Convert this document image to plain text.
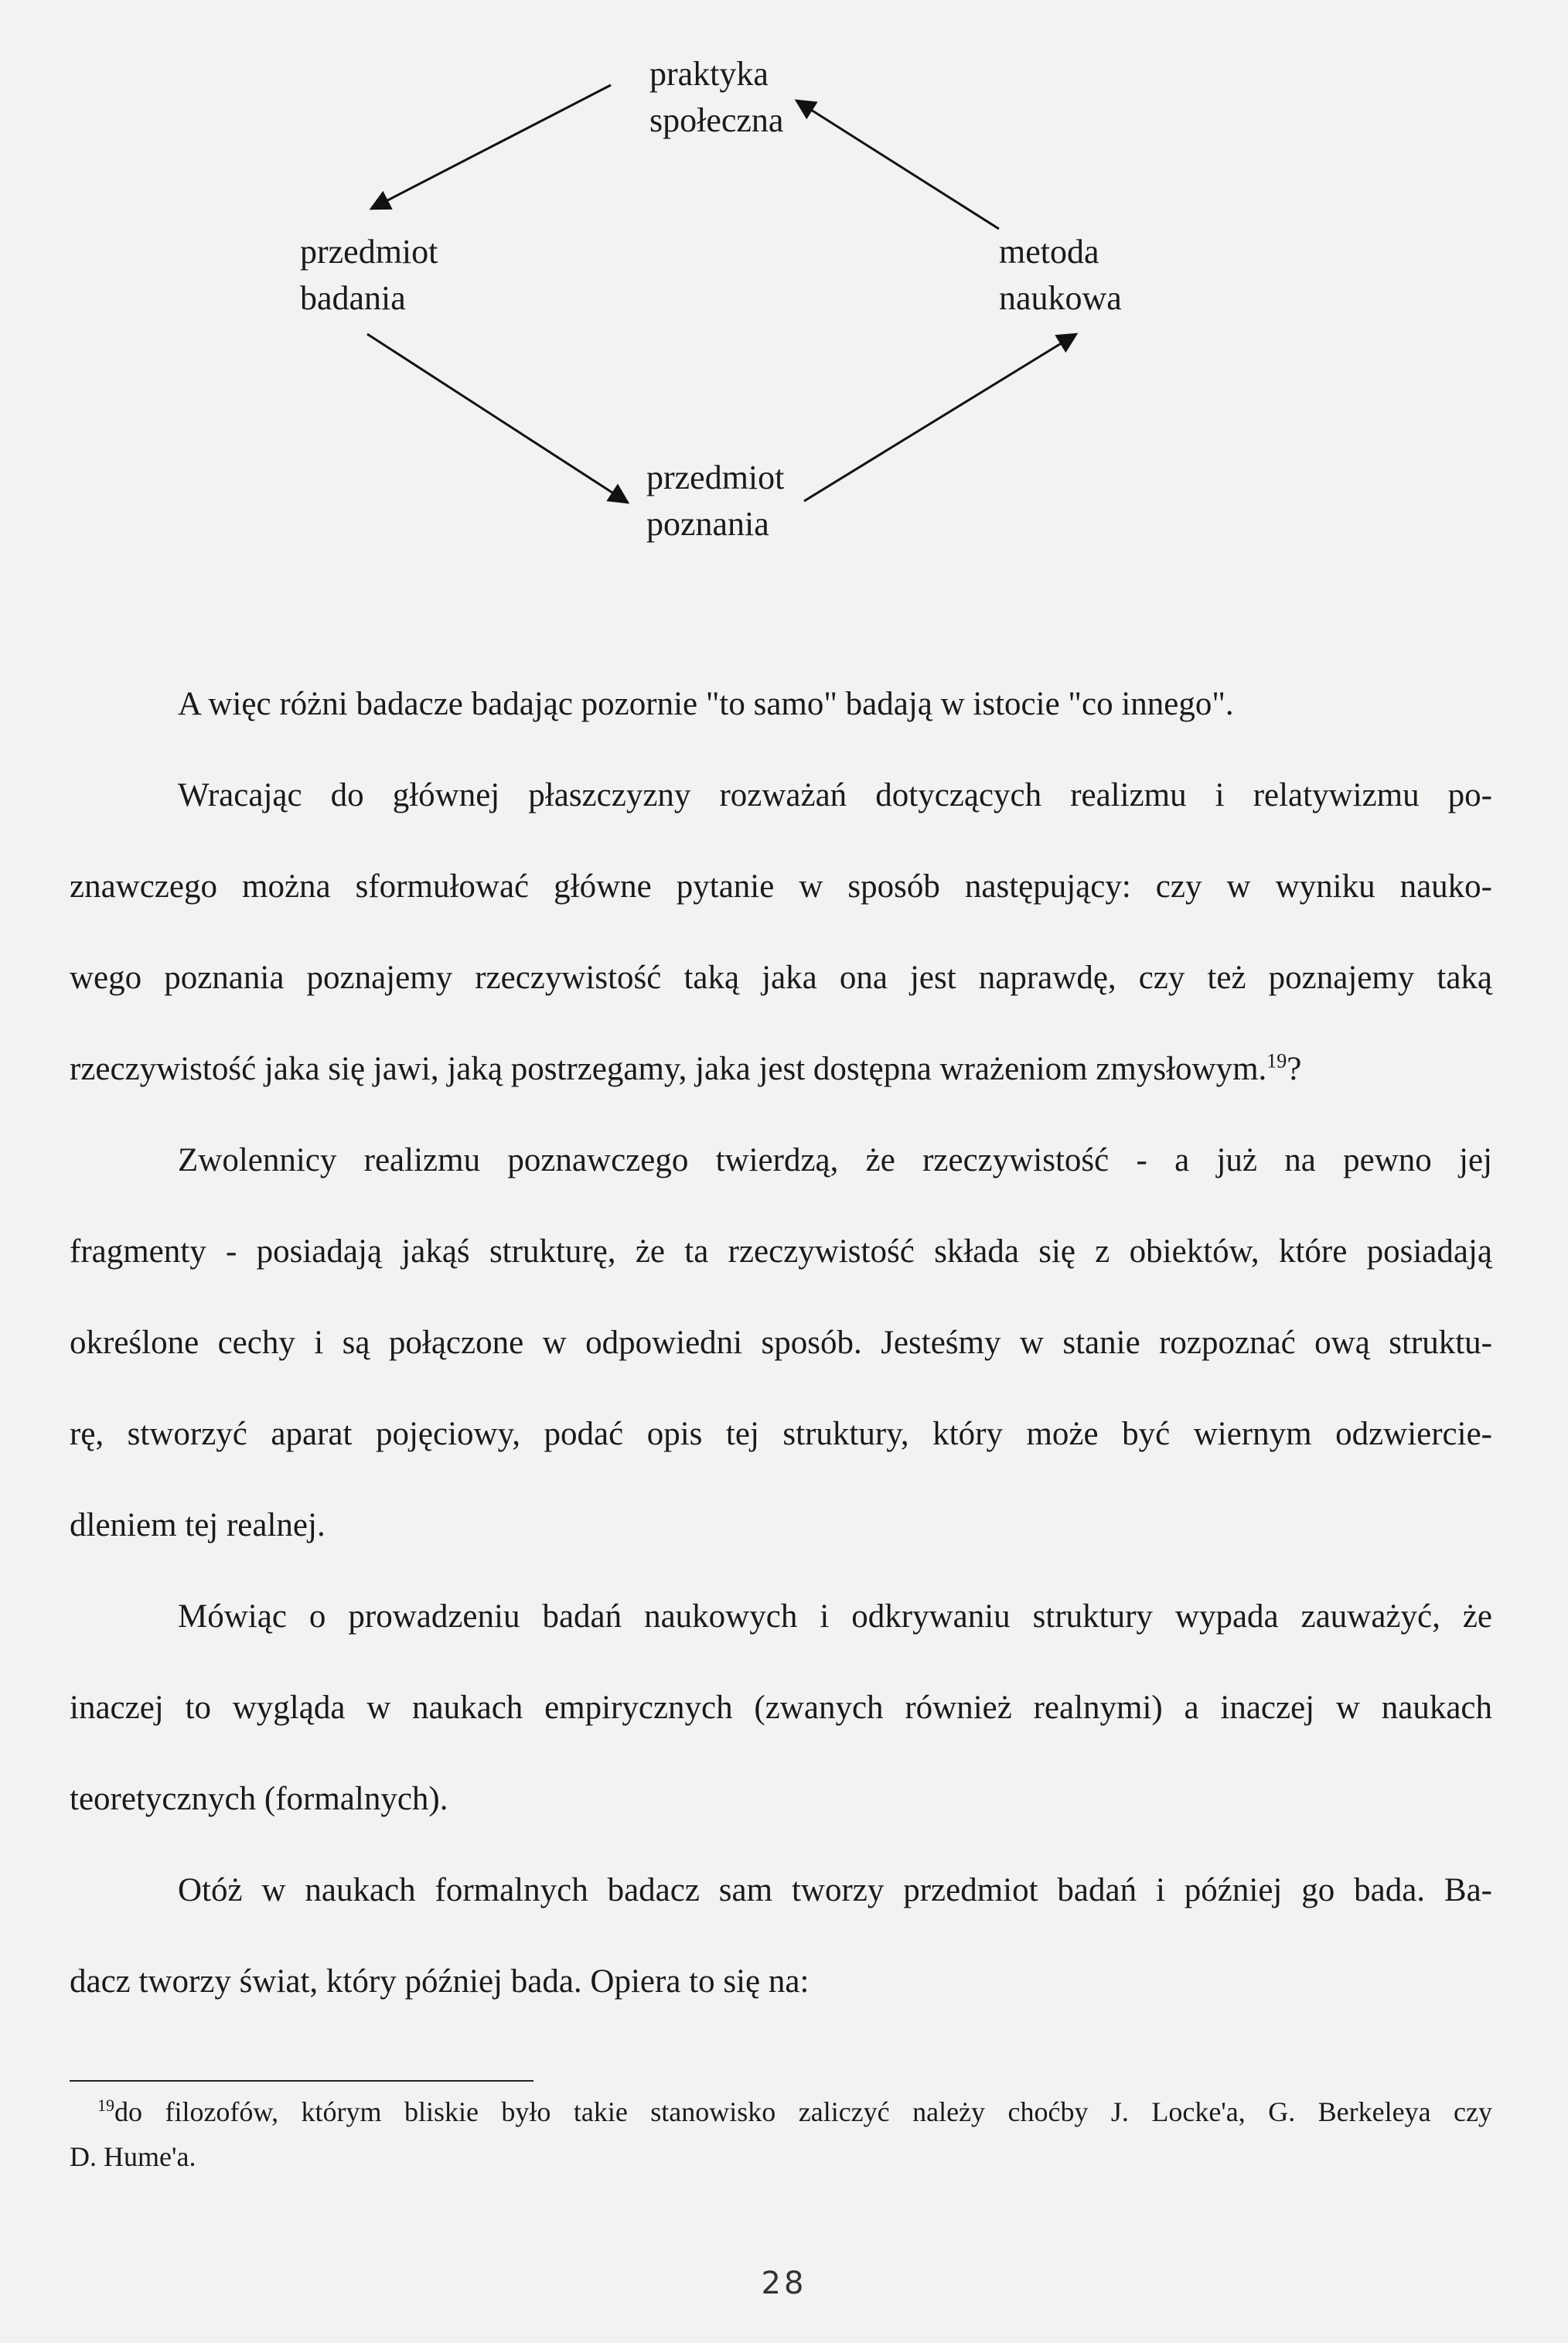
praktyka
społeczna
przedmiot
badania
metoda
naukowa
przedmiot
poznania
A więc różni badacze badając pozornie "to samo" badają w istocie "co innego".
Wracając do głównej płaszczyzny rozważań dotyczących realizmu i relatywizmu po-
znawczego można sformułować główne pytanie w sposób następujący: czy w wyniku nauko-
wego poznania poznajemy rzeczywistość taką jaka ona jest naprawdę, czy też poznajemy taką
rzeczywistość jaka się jawi, jaką postrzegamy, jaka jest dostępna wrażeniom zmysłowym.$^{19}$?
Zwolennicy realizmu poznawczego twierdzą, że rzeczywistość - a już na pewno jej
fragmenty - posiadają jakąś strukturę, że ta rzeczywistość składa się z obiektów, które posiadają
określone cechy i są połączone w odpowiedni sposób. Jesteśmy w stanie rozpoznać ową struktu-
rę, stworzyć aparat pojęciowy, podać opis tej struktury, który może być wiernym odzwiercie-
dleniem tej realnej.
Mówiąc o prowadzeniu badań naukowych i odkrywaniu struktury wypada zauważyć, że
inaczej to wygląda w naukach empirycznych (zwanych również realnymi) a inaczej w naukach
teoretycznych (formalnych).
Otóż w naukach formalnych badacz sam tworzy przedmiot badań i później go bada. Ba-
dacz tworzy świat, który później bada. Opiera to się na:
$^{19}$do filozofów, którym bliskie było takie stanowisko zaliczyć należy choćby J. Locke'a, G. Berkeleya czy
D. Hume'a.
28
